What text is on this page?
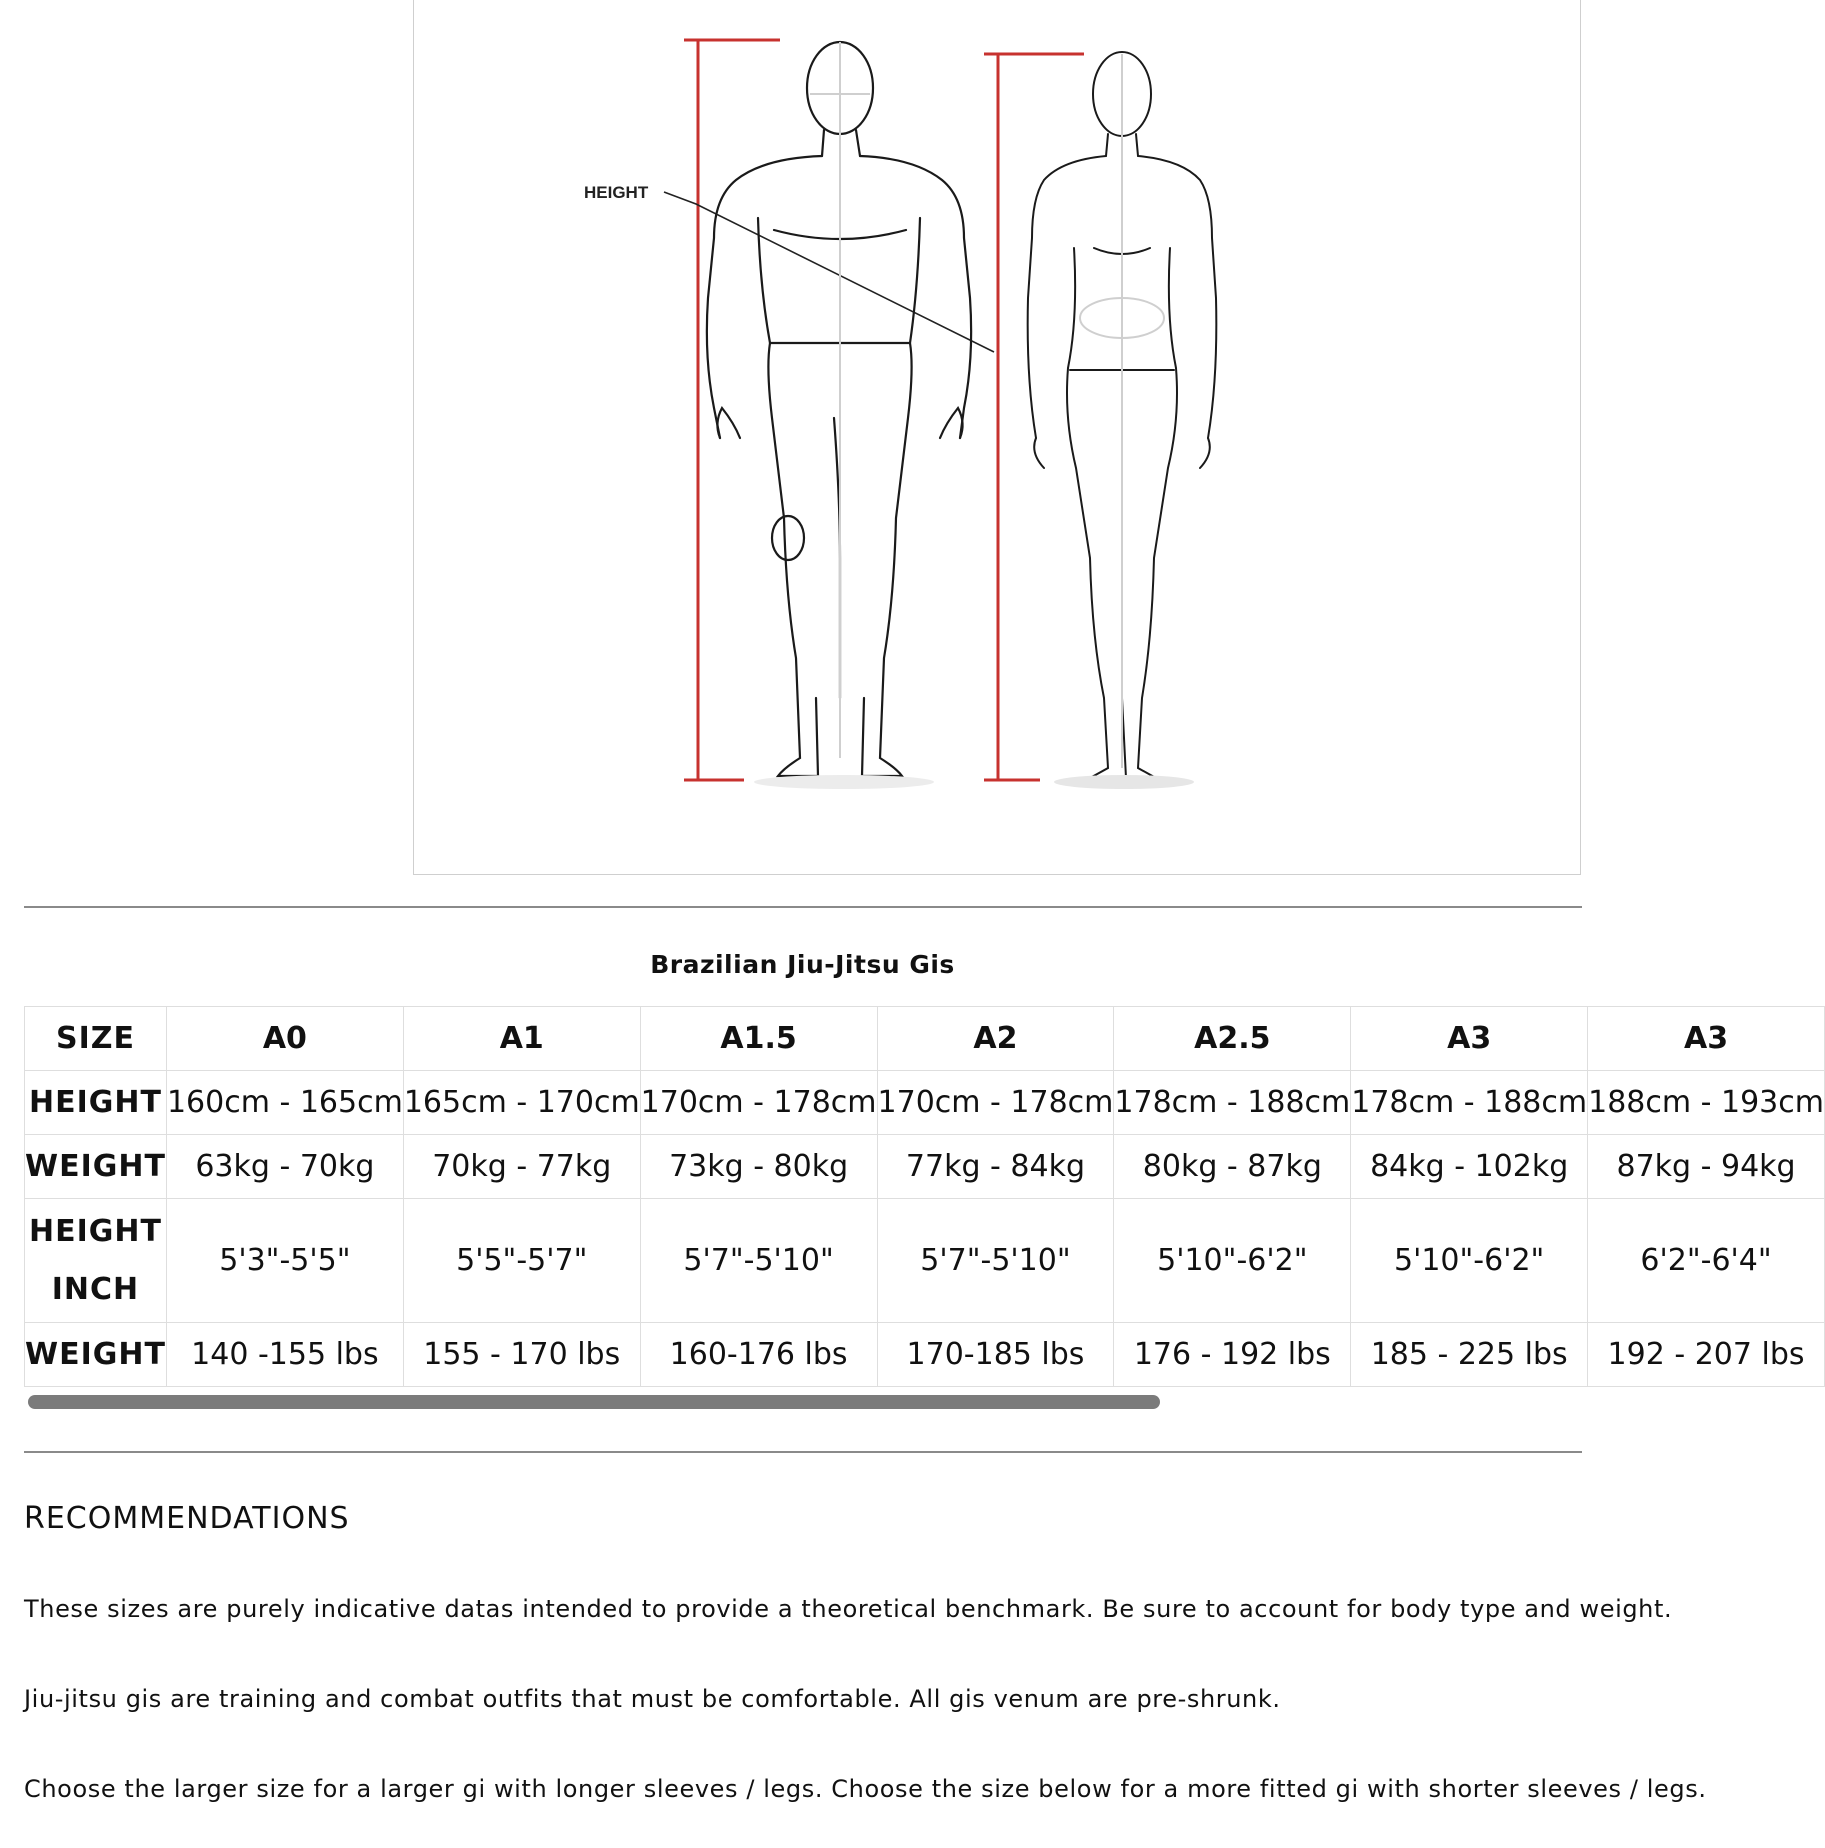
HEIGHT
Brazilian Jiu-Jitsu Gis
SIZE	A0	A1	A1.5	A2	A2.5	A3	A3
HEIGHT	160cm - 165cm	165cm - 170cm	170cm - 178cm	170cm - 178cm	178cm - 188cm	178cm - 188cm	188cm - 193cm
WEIGHT	63kg - 70kg	70kg - 77kg	73kg - 80kg	77kg - 84kg	80kg - 87kg	84kg - 102kg	87kg - 94kg

HEIGHT
INCH	5'3"-5'5"	5'5"-5'7"	5'7"-5'10"	5'7"-5'10"	5'10"-6'2"	5'10"-6'2"	6'2"-6'4"
WEIGHT	140 -155 lbs	155 - 170 lbs	160-176 lbs	170-185 lbs	176 - 192 lbs	185 - 225 lbs	192 - 207 lbs
RECOMMENDATIONS
These sizes are purely indicative datas intended to provide a theoretical benchmark. Be sure to account for body type and weight.
Jiu-jitsu gis are training and combat outfits that must be comfortable. All gis venum are pre-shrunk.
Choose the larger size for a larger gi with longer sleeves / legs. Choose the size below for a more fitted gi with shorter sleeves / legs.
